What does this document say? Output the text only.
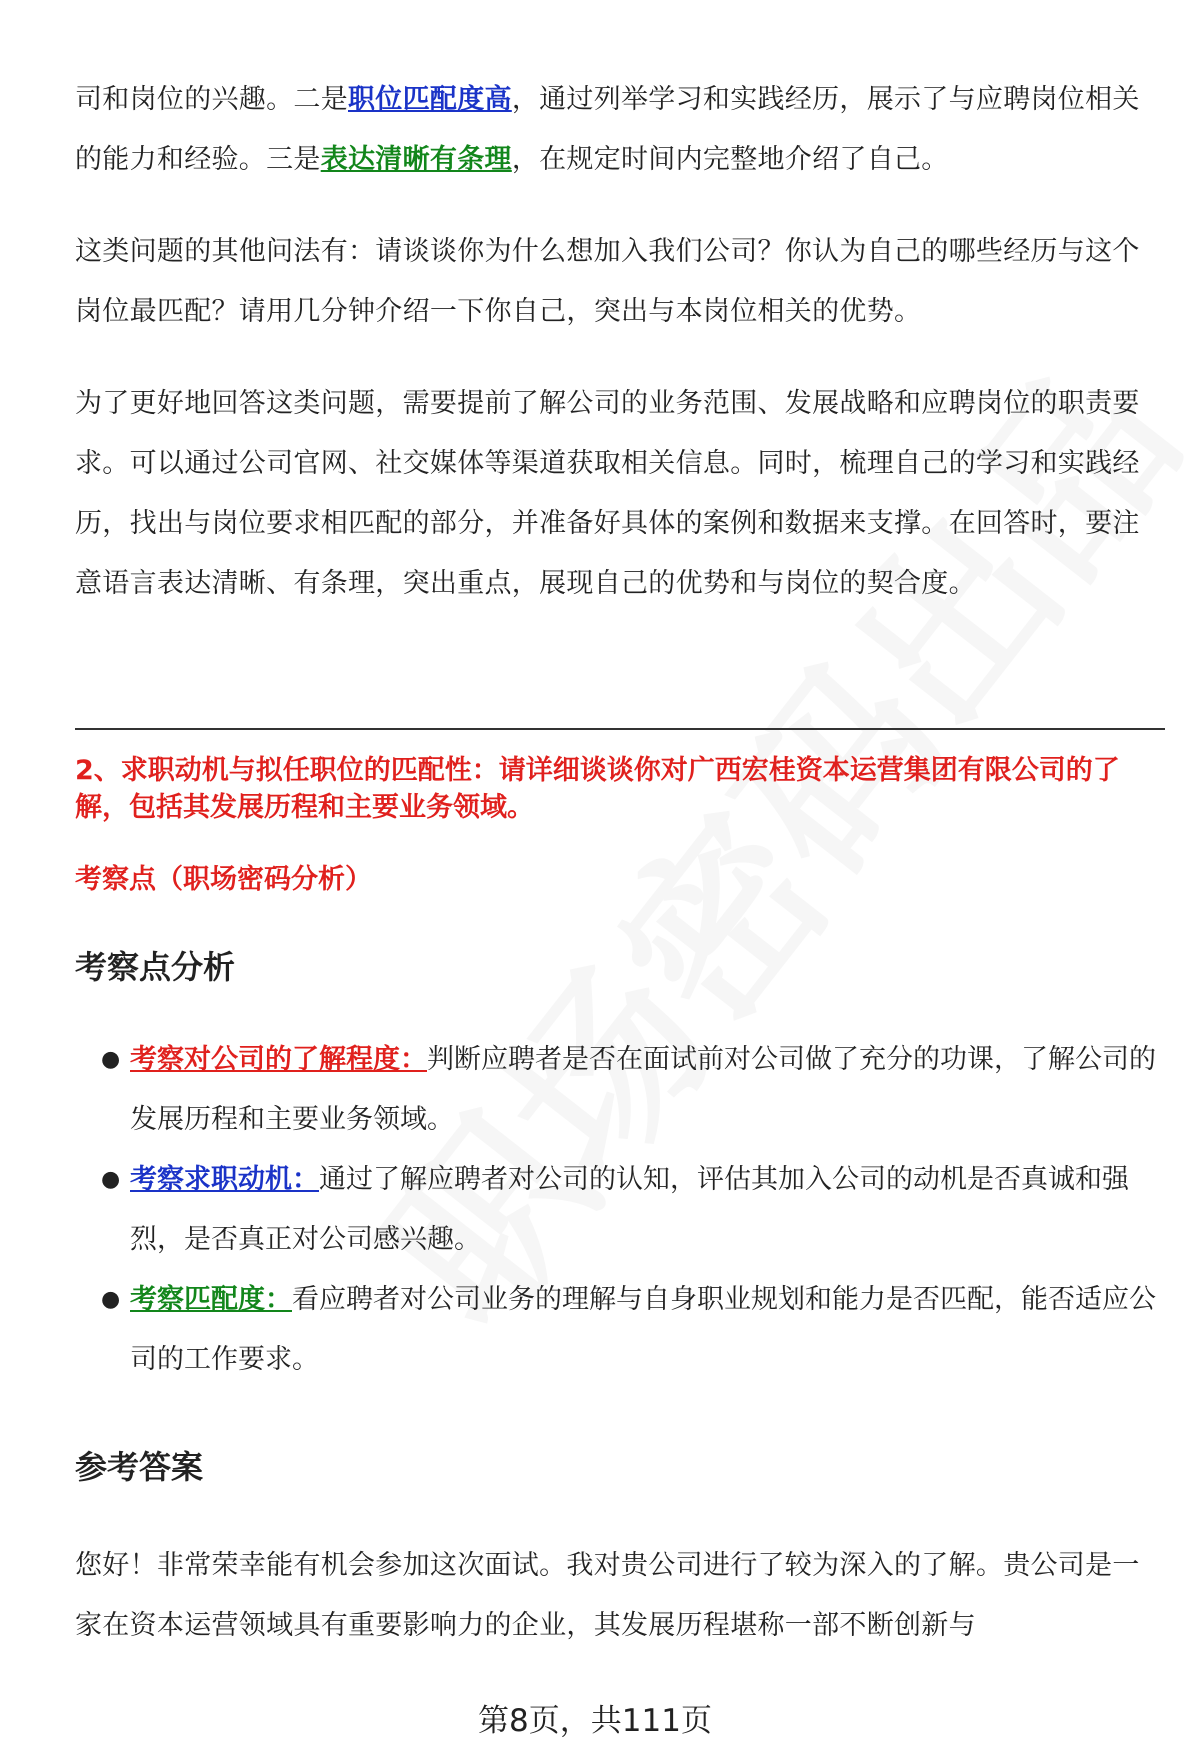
司和岗位的兴趣。二是职位匹配度高，通过列举学习和实践经历，展示了与应聘岗位相关的能力和经验。三是表达清晰有条理，在规定时间内完整地介绍了自己。

这类问题的其他问法有：请谈谈你为什么想加入我们公司？你认为自己的哪些经历与这个岗位最匹配？请用几分钟介绍一下你自己，突出与本岗位相关的优势。

为了更好地回答这类问题，需要提前了解公司的业务范围、发展战略和应聘岗位的职责要求。可以通过公司官网、社交媒体等渠道获取相关信息。同时，梳理自己的学习和实践经历，找出与岗位要求相匹配的部分，并准备好具体的案例和数据来支撑。在回答时，要注意语言表达清晰、有条理，突出重点，展现自己的优势和与岗位的契合度。

2、求职动机与拟任职位的匹配性：请详细谈谈你对广西宏桂资本运营集团有限公司的了解，包括其发展历程和主要业务领域。
考察点（职场密码分析）
考察点分析
● 考察对公司的了解程度：判断应聘者是否在面试前对公司做了充分的功课，了解公司的发展历程和主要业务领域。
● 考察求职动机：通过了解应聘者对公司的认知，评估其加入公司的动机是否真诚和强烈，是否真正对公司感兴趣。
● 考察匹配度：看应聘者对公司业务的理解与自身职业规划和能力是否匹配，能否适应公司的工作要求。
参考答案

您好！非常荣幸能有机会参加这次面试。我对贵公司进行了较为深入的了解。贵公司是一家在资本运营领域具有重要影响力的企业，其发展历程堪称一部不断创新与

第8页，共111页
